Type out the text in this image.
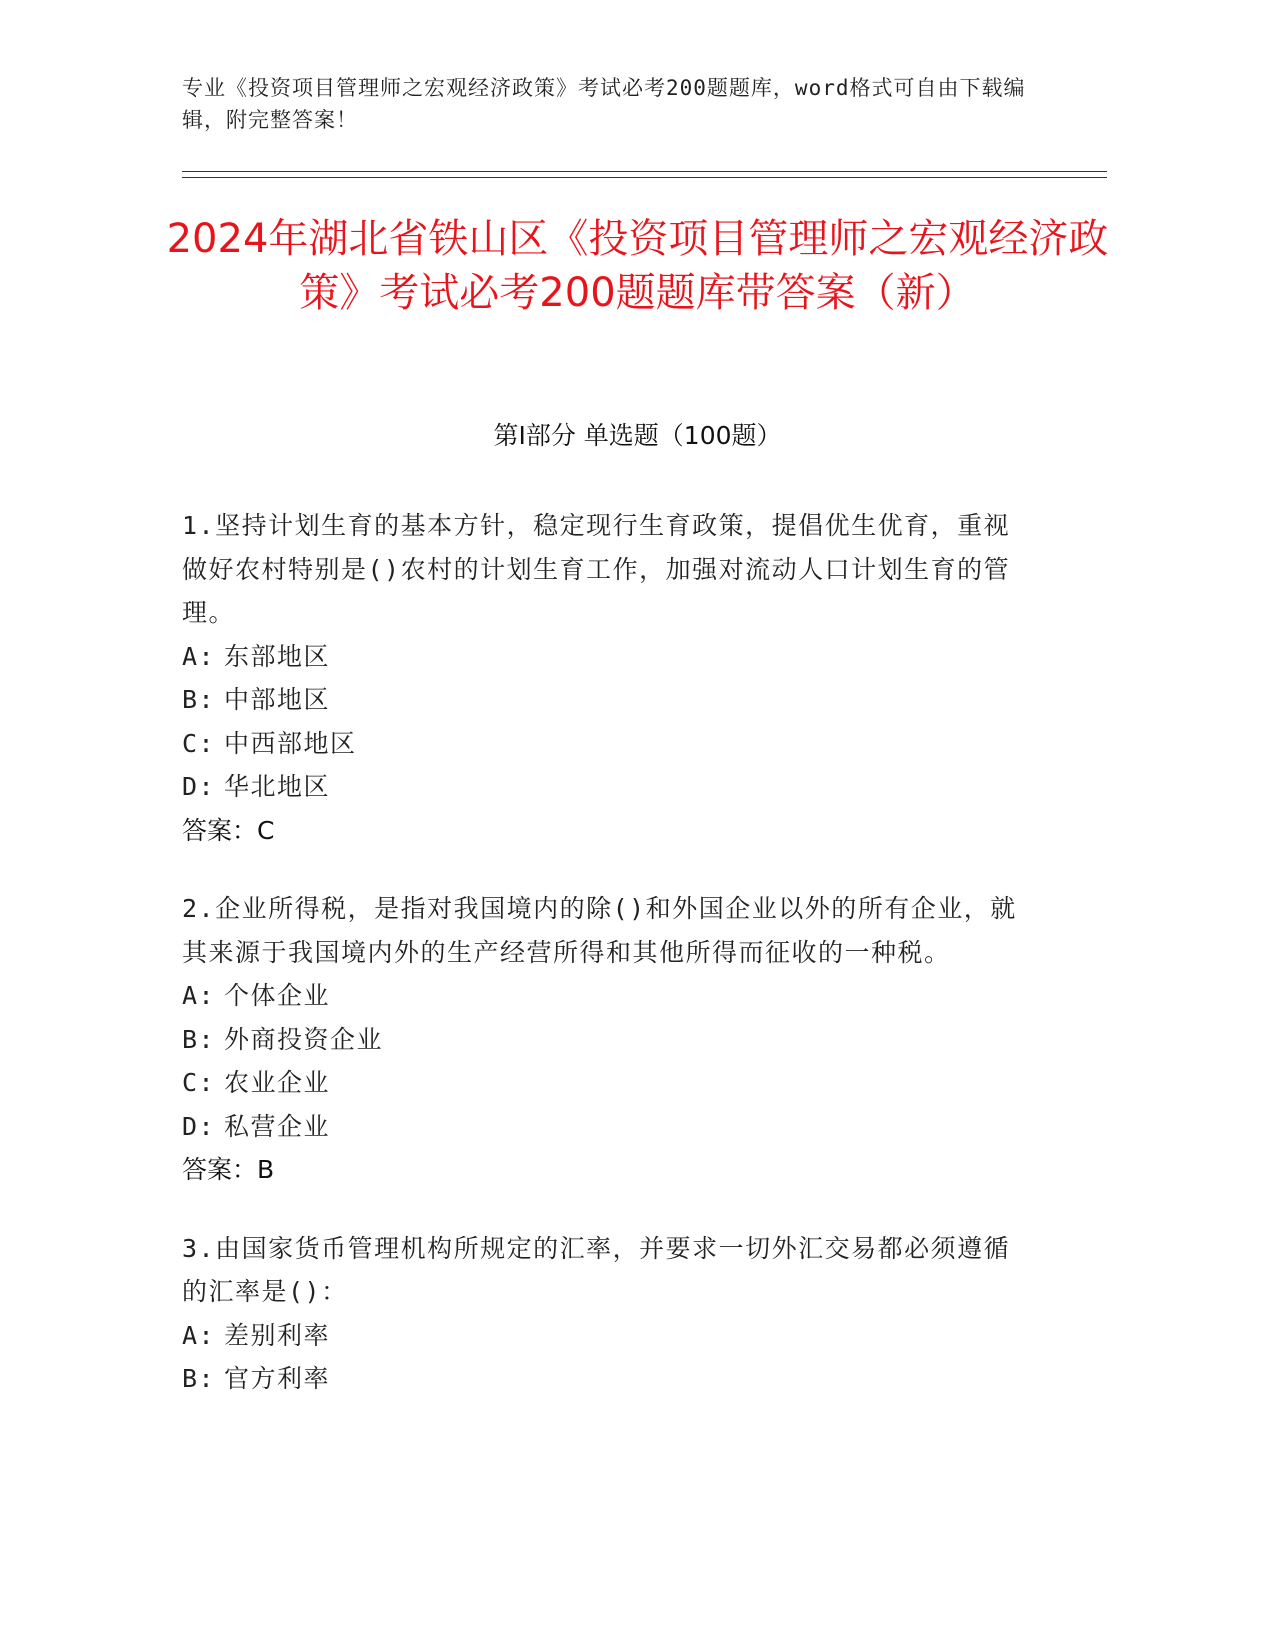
专业《投资项目管理师之宏观经济政策》考试必考200题题库，word格式可自由下载编辑，附完整答案！
2024年湖北省铁山区《投资项目管理师之宏观经济政策》考试必考200题题库带答案（新）
第I部分 单选题（100题）
1.坚持计划生育的基本方针，稳定现行生育政策，提倡优生优育，重视做好农村特别是()农村的计划生育工作，加强对流动人口计划生育的管理。
A: 东部地区
B: 中部地区
C: 中西部地区
D: 华北地区
答案：C
2.企业所得税，是指对我国境内的除()和外国企业以外的所有企业，就其来源于我国境内外的生产经营所得和其他所得而征收的一种税。
A: 个体企业
B: 外商投资企业
C: 农业企业
D: 私营企业
答案：B
3.由国家货币管理机构所规定的汇率，并要求一切外汇交易都必须遵循的汇率是()：
A: 差别利率
B: 官方利率
